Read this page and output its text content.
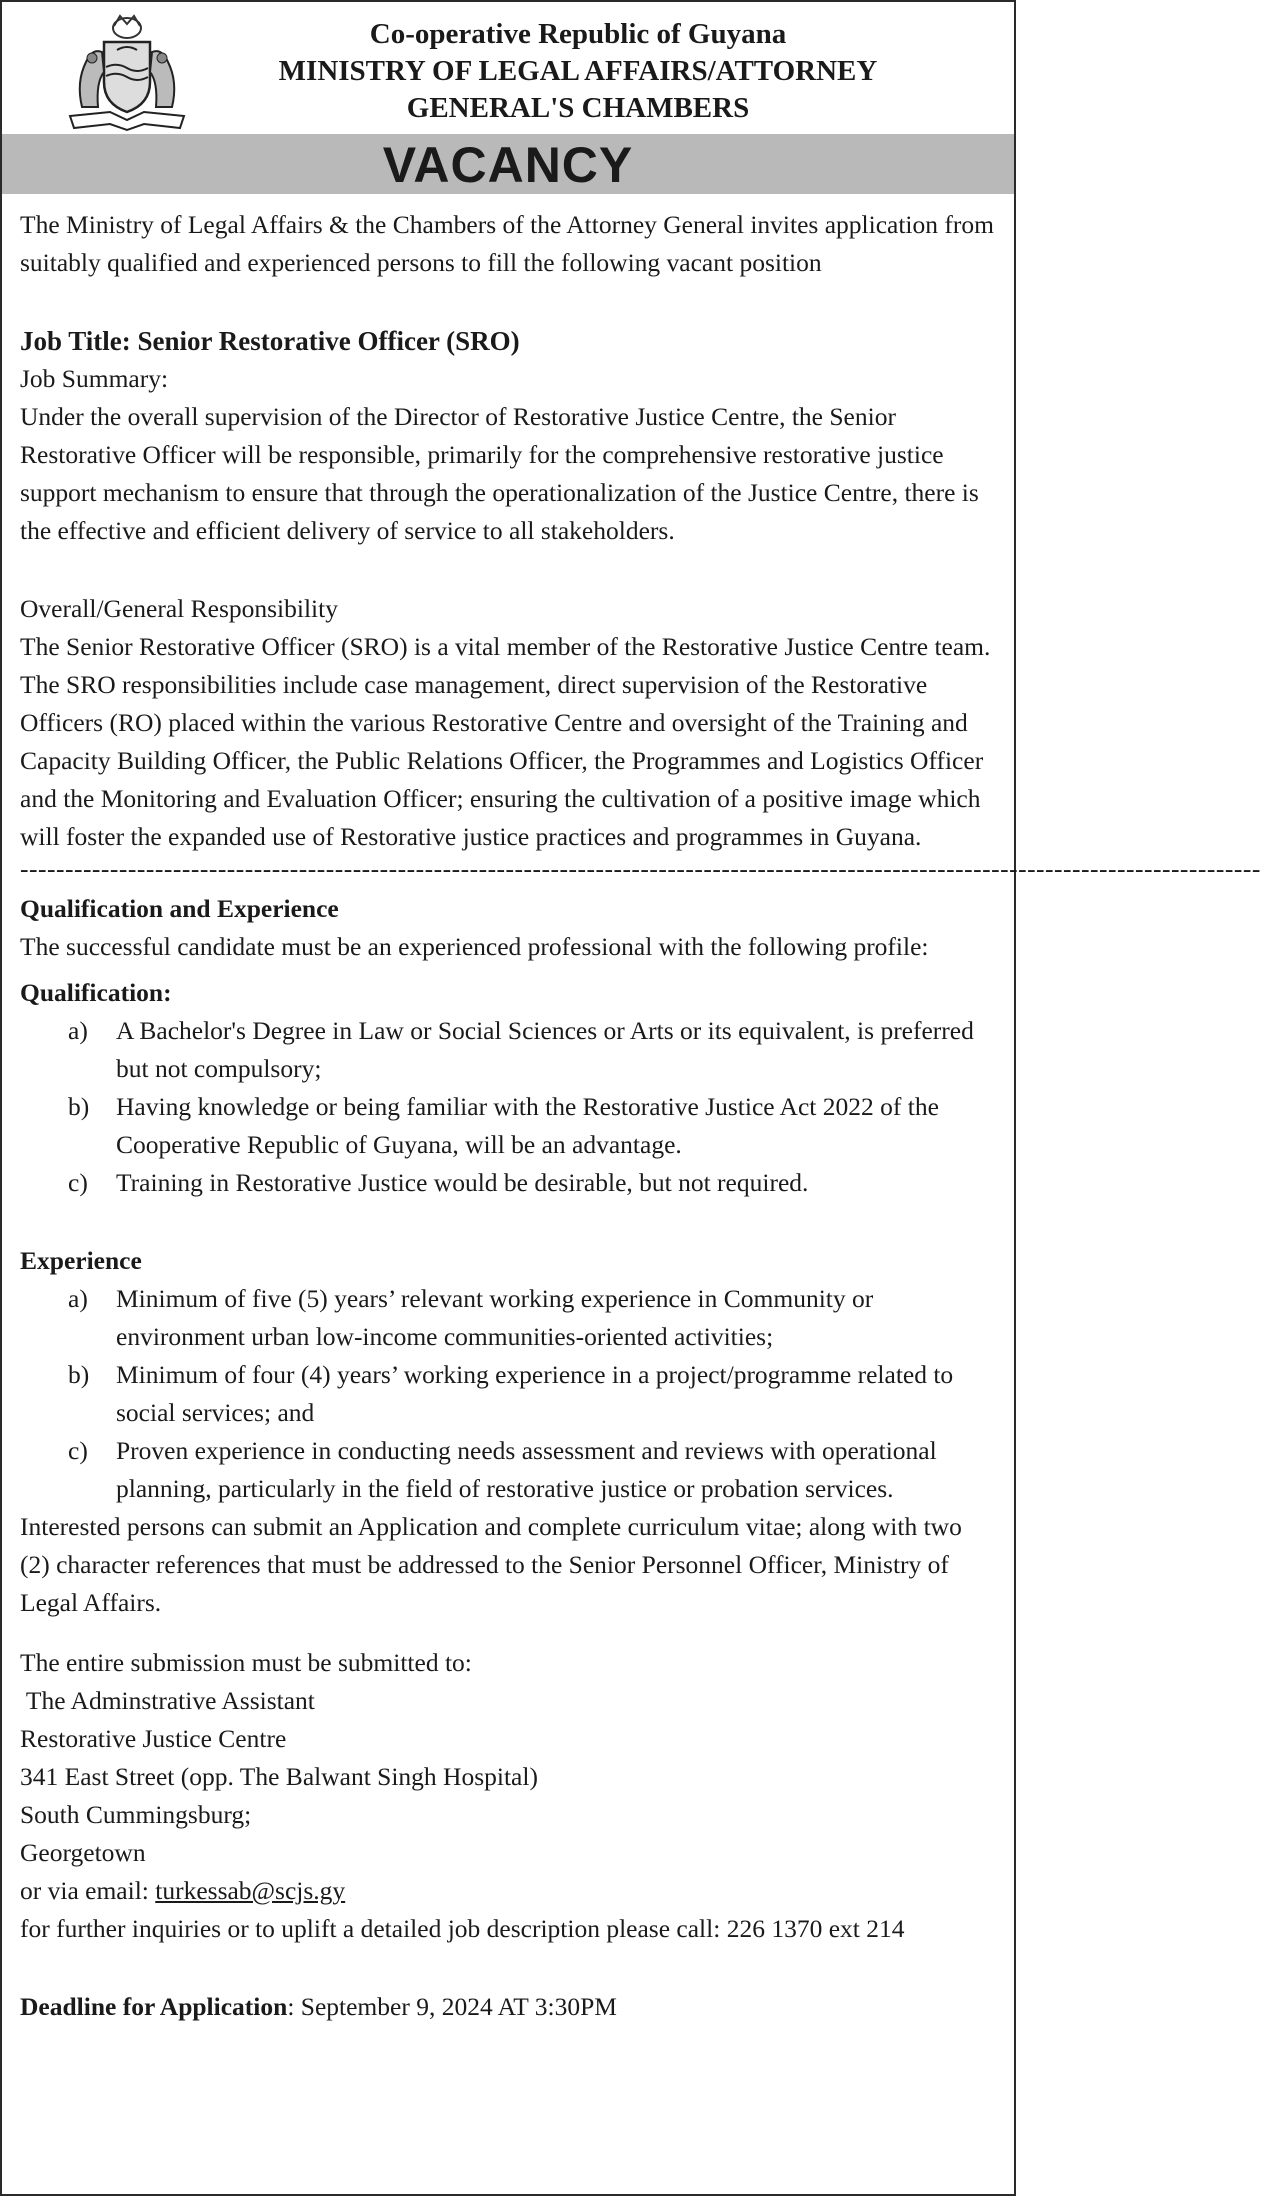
Co-operative Republic of Guyana
MINISTRY OF LEGAL AFFAIRS/ATTORNEY
GENERAL'S CHAMBERS
VACANCY

The Ministry of Legal Affairs & the Chambers of the Attorney General invites application from suitably qualified and experienced persons to fill the following vacant position

Job Title: Senior Restorative Officer (SRO)

Job Summary:

Under the overall supervision of the Director of Restorative Justice Centre, the Senior Restorative Officer will be responsible, primarily for the comprehensive restorative justice support mechanism to ensure that through the operationalization of the Justice Centre, there is the effective and efficient delivery of service to all stakeholders.

Overall/General Responsibility

The Senior Restorative Officer (SRO) is a vital member of the Restorative Justice Centre team. The SRO responsibilities include case management, direct supervision of the Restorative Officers (RO) placed within the various Restorative Centre and oversight of the Training and Capacity Building Officer, the Public Relations Officer, the Programmes and Logistics Officer and the Monitoring and Evaluation Officer; ensuring the cultivation of a positive image which will foster the expanded use of Restorative justice practices and programmes in Guyana.

------------------------------------------------------------------------------------------------------------------------------------------

Qualification and Experience

The successful candidate must be an experienced professional with the following profile:

Qualification:

a) A Bachelor's Degree in Law or Social Sciences or Arts or its equivalent, is preferred but not compulsory;
b) Having knowledge or being familiar with the Restorative Justice Act 2022 of the Cooperative Republic of Guyana, will be an advantage.
c) Training in Restorative Justice would be desirable, but not required.

Experience

a) Minimum of five (5) years’ relevant working experience in Community or environment urban low-income communities-oriented activities;
b) Minimum of four (4) years’ working experience in a project/programme related to social services; and
c) Proven experience in conducting needs assessment and reviews with operational planning, particularly in the field of restorative justice or probation services.

Interested persons can submit an Application and complete curriculum vitae; along with two (2) character references that must be addressed to the Senior Personnel Officer, Ministry of Legal Affairs.

The entire submission must be submitted to:

The Adminstrative Assistant

Restorative Justice Centre

341 East Street (opp. The Balwant Singh Hospital)

South Cummingsburg;

Georgetown

or via email: turkessab@scjs.gy

for further inquiries or to uplift a detailed job description please call: 226 1370 ext 214

Deadline for Application: September 9, 2024 AT 3:30PM
